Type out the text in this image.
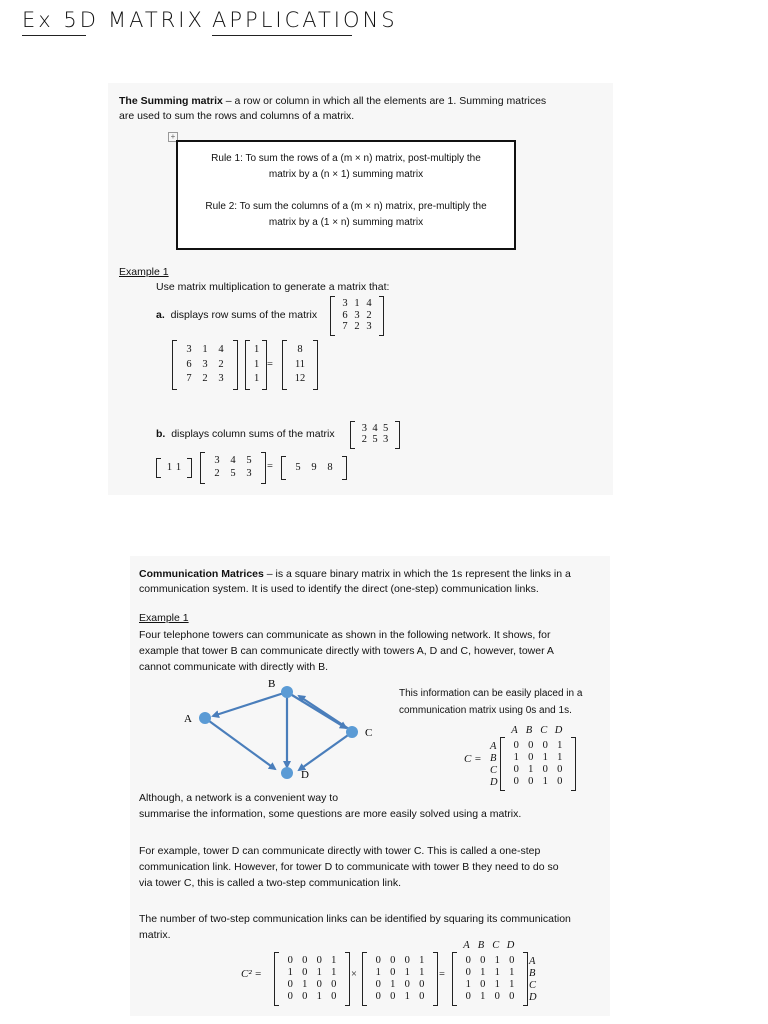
Ex 5D MATRIX APPLICATIONS
The Summing matrix – a row or column in which all the elements are 1. Summing matrices
are used to sum the rows and columns of a matrix.
+
Rule 1: To sum the rows of a (m × n) matrix, post-multiply the
matrix by a (n × 1) summing matrix
Rule 2: To sum the columns of a (m × n) matrix, pre-multiply the
matrix by a (1 × n) summing matrix
Example 1
Use matrix multiplication to generate a matrix that:
a. displays row sums of the matrix
3 1 4
6 3 2
7 2 3
3	1	4
6	3	2
7	2	3
1
1
1
=
8
11
12
b. displays column sums of the matrix	3 4 5
2 5 3
1 1
3	4	5
2	5	3
=	5	9	8
Communication Matrices – is a square binary matrix in which the 1s represent the links in a
communication system. It is used to identify the direct (one-step) communication links.
Example 1
Four telephone towers can communicate as shown in the following network. It shows, for
example that tower B can communicate directly with towers A, D and C, however, tower A
cannot communicate with directly with B.
A
B
C
D
This information can be easily placed in a
communication matrix using 0s and 1s.
A B C D
C =
A
B
C
D
0 0 0 1
1 0 1 1
0 1 0 0
0 0 1 0
Although, a network is a convenient way to
summarise the information, some questions are more easily solved using a matrix.
For example, tower D can communicate directly with tower C. This is called a one-step
communication link. However, for tower D to communicate with tower B they need to do so
via tower C, this is called a two-step communication link.
The number of two-step communication links can be identified by squaring its communication
matrix.
C² =
0 0 0 1
1 0 1 1
0 1 0 0
0 0 1 0
×
0 0 0 1
1 0 1 1
0 1 0 0
0 0 1 0
=
A B C D
0 0 1 0
0 1 1 1
1 0 1 1
0 1 0 0
A
B
C
D
